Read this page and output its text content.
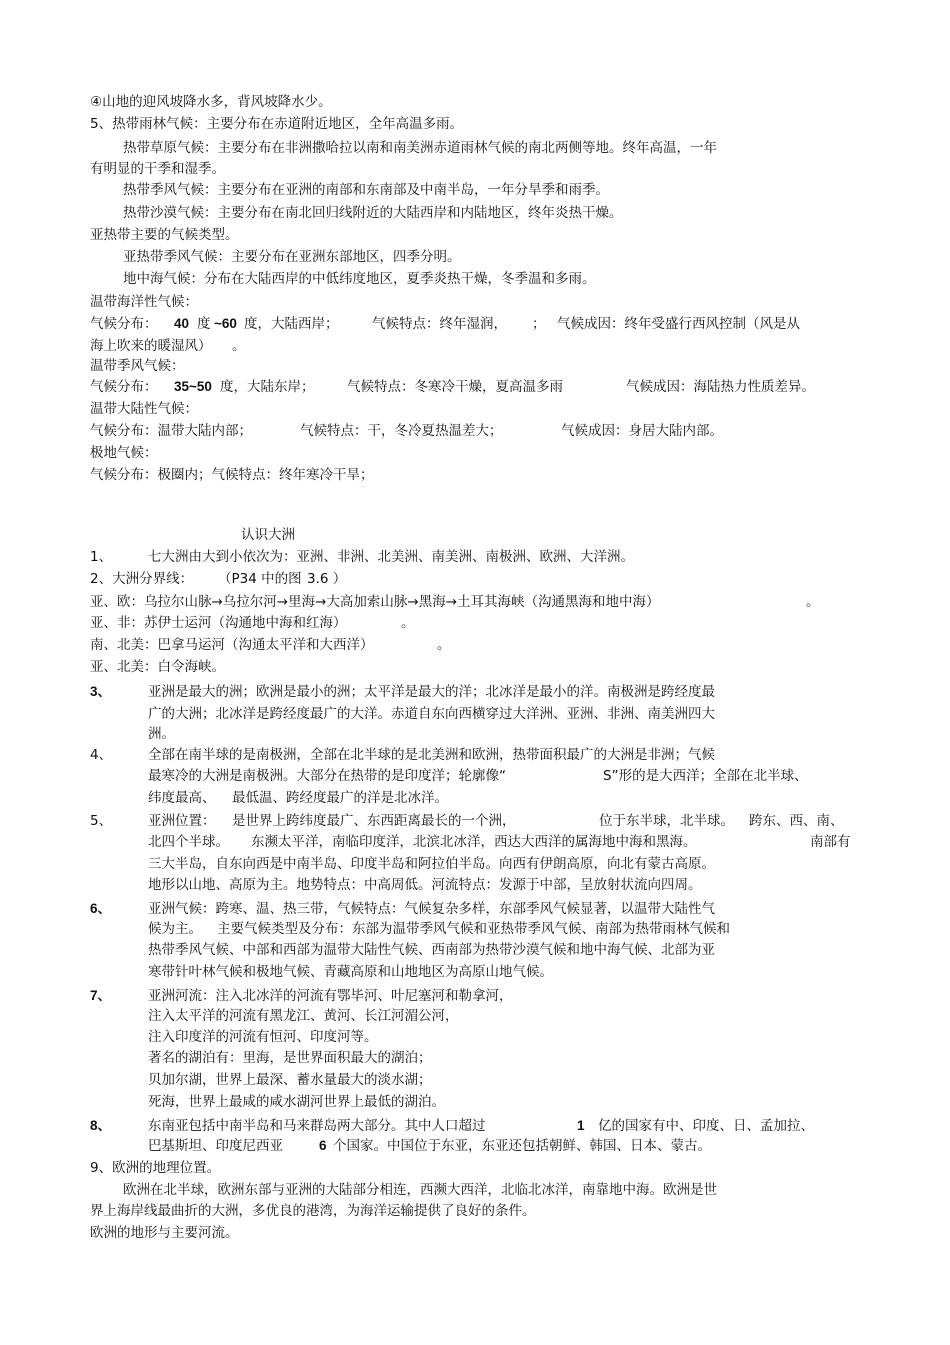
④山地的迎风坡降水多，背风坡降水少。
5、热带雨林气候：主要分布在赤道附近地区，全年高温多雨。
热带草原气候：主要分布在非洲撒哈拉以南和南美洲赤道雨林气候的南北两侧等地。终年高温，一年
有明显的干季和湿季。
热带季风气候：主要分布在亚洲的南部和东南部及中南半岛，一年分旱季和雨季。
热带沙漠气候：主要分布在南北回归线附近的大陆西岸和内陆地区，终年炎热干燥。
亚热带主要的气候类型。
亚热带季风气候：主要分布在亚洲东部地区，四季分明。
地中海气候：分布在大陆西岸的中低纬度地区，夏季炎热干燥，冬季温和多雨。
温带海洋性气候：
气候分布： 40 度 ~60 度，大陆西岸； 气候特点：终年湿润， ； 气候成因：终年受盛行西风控制（风是从
海上吹来的暖湿风） 。
温带季风气候：
气候分布： 35~50 度，大陆东岸； 气候特点：冬寒冷干燥，夏高温多雨	气候成因：海陆热力性质差异。
温带大陆性气候：
气候分布：温带大陆内部；	气候特点：干，冬冷夏热温差大；	气候成因：身居大陆内部。
极地气候：
气候分布：极圈内；气候特点：终年寒冷干旱；
认识大洲
1、	七大洲由大到小依次为：亚洲、非洲、北美洲、南美洲、南极洲、欧洲、大洋洲。
2、大洲分界线： （P34 中的图 3.6 ）
亚、欧：乌拉尔山脉→乌拉尔河→里海→大高加索山脉→黑海→土耳其海峡（沟通黑海和地中海）	。
亚、非：苏伊士运河（沟通地中海和红海）	。
南、北美：巴拿马运河（沟通太平洋和大西洋）	。
亚、北美：白令海峡。
3、	亚洲是最大的洲；欧洲是最小的洲；太平洋是最大的洋；北冰洋是最小的洋。南极洲是跨经度最
广的大洲；北冰洋是跨经度最广的大洋。赤道自东向西横穿过大洋洲、亚洲、非洲、南美洲四大
洲。
4、	全部在南半球的是南极洲，全部在北半球的是北美洲和欧洲，热带面积最广的大洲是非洲；气候
最寒冷的大洲是南极洲。大部分在热带的是印度洋；轮廓像“	S”形的是大西洋；全部在北半球、
纬度最高、 最低温、跨经度最广的洋是北冰洋。
5、	亚洲位置： 是世界上跨纬度最广、东西距离最长的一个洲，	位于东半球，北半球。 跨东、西、南、
北四个半球。 东濒太平洋，南临印度洋，北滨北冰洋，西达大西洋的属海地中海和黑海。	南部有
三大半岛，自东向西是中南半岛、印度半岛和阿拉伯半岛。向西有伊朗高原，向北有蒙古高原。
地形以山地、高原为主。地势特点：中高周低。河流特点：发源于中部，呈放射状流向四周。
6、	亚洲气候：跨寒、温、热三带，气候特点：气候复杂多样，东部季风气候显著，以温带大陆性气
候为主。 主要气候类型及分布：东部为温带季风气候和亚热带季风气候、南部为热带雨林气候和
热带季风气候、中部和西部为温带大陆性气候、西南部为热带沙漠气候和地中海气候、北部为亚
寒带针叶林气候和极地气候、青藏高原和山地地区为高原山地气候。
7、	亚洲河流：注入北冰洋的河流有鄂毕河、叶尼塞河和勒拿河，
注入太平洋的河流有黑龙江、黄河、长江河湄公河，
注入印度洋的河流有恒河、印度河等。
著名的湖泊有：里海，是世界面积最大的湖泊；
贝加尔湖，世界上最深、蓄水量最大的淡水湖；
死海，世界上最咸的咸水湖河世界上最低的湖泊。
8、	东南亚包括中南半岛和马来群岛两大部分。其中人口超过	1 亿的国家有中、印度、日、孟加拉、
巴基斯坦、印度尼西亚	6 个国家。中国位于东亚，东亚还包括朝鲜、韩国、日本、蒙古。
9、欧洲的地理位置。
欧洲在北半球，欧洲东部与亚洲的大陆部分相连，西濒大西洋，北临北冰洋，南靠地中海。欧洲是世
界上海岸线最曲折的大洲，多优良的港湾，为海洋运输提供了良好的条件。
欧洲的地形与主要河流。
